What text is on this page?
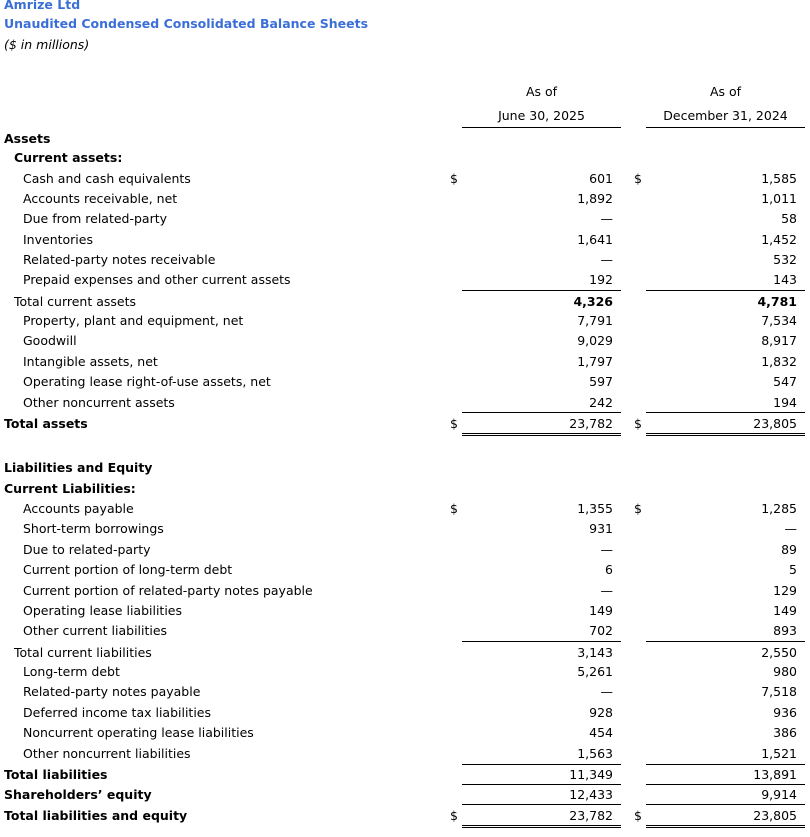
Amrize Ltd
Unaudited Condensed Consolidated Balance Sheets
($ in millions)
As of
June 30, 2025
As of
December 31, 2024
Assets
Current assets:
Cash and cash equivalents	$	601 $	1,585
Accounts receivable, net	1,892	1,011
Due from related-party	—	58
Inventories	1,641	1,452
Related-party notes receivable	—	532
Prepaid expenses and other current assets	192	143
Total current assets	4,326	4,781
Property, plant and equipment, net	7,791	7,534
Goodwill	9,029	8,917
Intangible assets, net	1,797	1,832
Operating lease right-of-use assets, net	597	547
Other noncurrent assets	242	194
Total assets	$	23,782 $	23,805
Liabilities and Equity
Current Liabilities:
Accounts payable	$	1,355 $	1,285
Short-term borrowings	931	—
Due to related-party	—	89
Current portion of long-term debt	6	5
Current portion of related-party notes payable	—	129
Operating lease liabilities	149	149
Other current liabilities	702	893
Total current liabilities	3,143	2,550
Long-term debt	5,261	980
Related-party notes payable	—	7,518
Deferred income tax liabilities	928	936
Noncurrent operating lease liabilities	454	386
Other noncurrent liabilities	1,563	1,521
Total liabilities	11,349	13,891
Shareholders’ equity	12,433	9,914
Total liabilities and equity	$	23,782 $	23,805
